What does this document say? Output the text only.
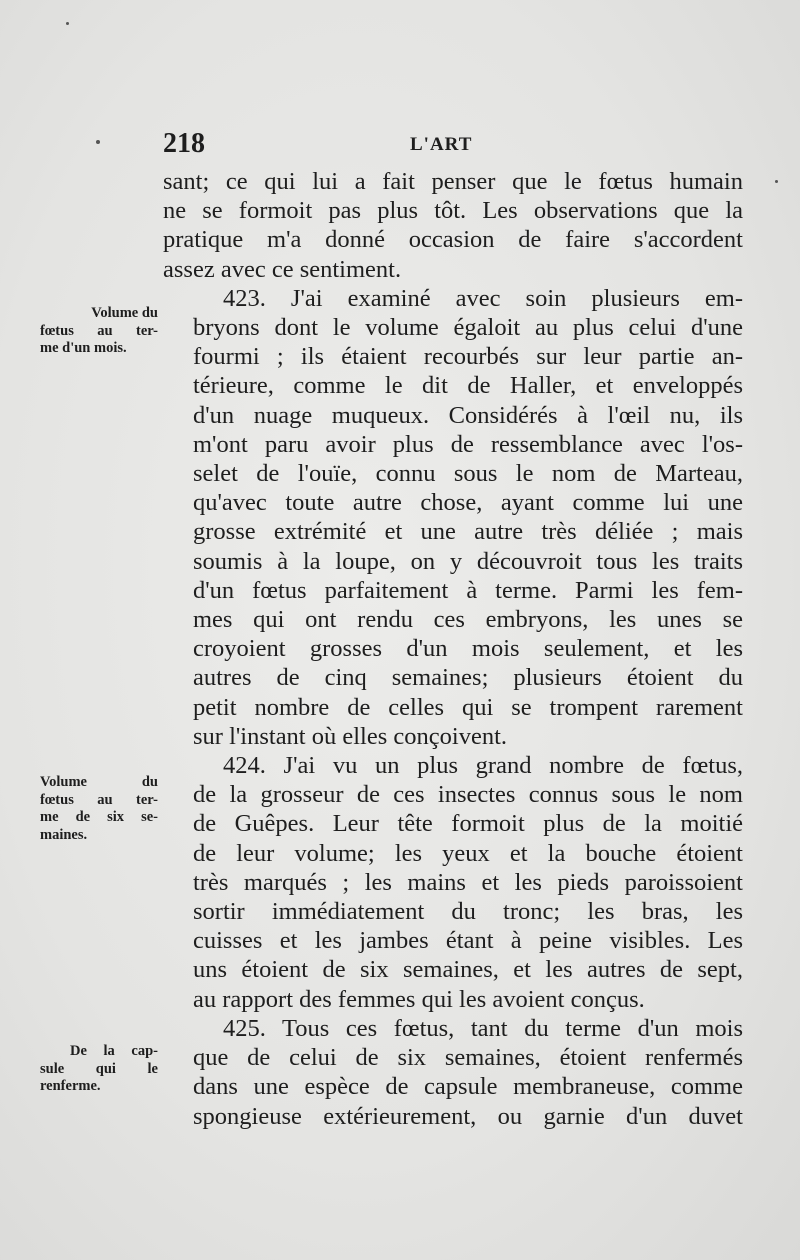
218	L'ART
Volume du
fœtus au ter-
me d'un mois.
Volume du
fœtus au ter-
me de six se-
maines.
De la cap-
sule qui le
renferme.
sant; ce qui lui a fait penser que le fœtus humain
ne se formoit pas plus tôt. Les observations que la
pratique m'a donné occasion de faire s'accordent
assez avec ce sentiment.
423. J'ai examiné avec soin plusieurs em-
bryons dont le volume égaloit au plus celui d'une
fourmi ; ils étaient recourbés sur leur partie an-
térieure, comme le dit de Haller, et enveloppés
d'un nuage muqueux. Considérés à l'œil nu, ils
m'ont paru avoir plus de ressemblance avec l'os-
selet de l'ouïe, connu sous le nom de Marteau,
qu'avec toute autre chose, ayant comme lui une
grosse extrémité et une autre très déliée ; mais
soumis à la loupe, on y découvroit tous les traits
d'un fœtus parfaitement à terme. Parmi les fem-
mes qui ont rendu ces embryons, les unes se
croyoient grosses d'un mois seulement, et les
autres de cinq semaines; plusieurs étoient du
petit nombre de celles qui se trompent rarement
sur l'instant où elles conçoivent.
424. J'ai vu un plus grand nombre de fœtus,
de la grosseur de ces insectes connus sous le nom
de Guêpes. Leur tête formoit plus de la moitié
de leur volume; les yeux et la bouche étoient
très marqués ; les mains et les pieds paroissoient
sortir immédiatement du tronc; les bras, les
cuisses et les jambes étant à peine visibles. Les
uns étoient de six semaines, et les autres de sept,
au rapport des femmes qui les avoient conçus.
425. Tous ces fœtus, tant du terme d'un mois
que de celui de six semaines, étoient renfermés
dans une espèce de capsule membraneuse, comme
spongieuse extérieurement, ou garnie d'un duvet
